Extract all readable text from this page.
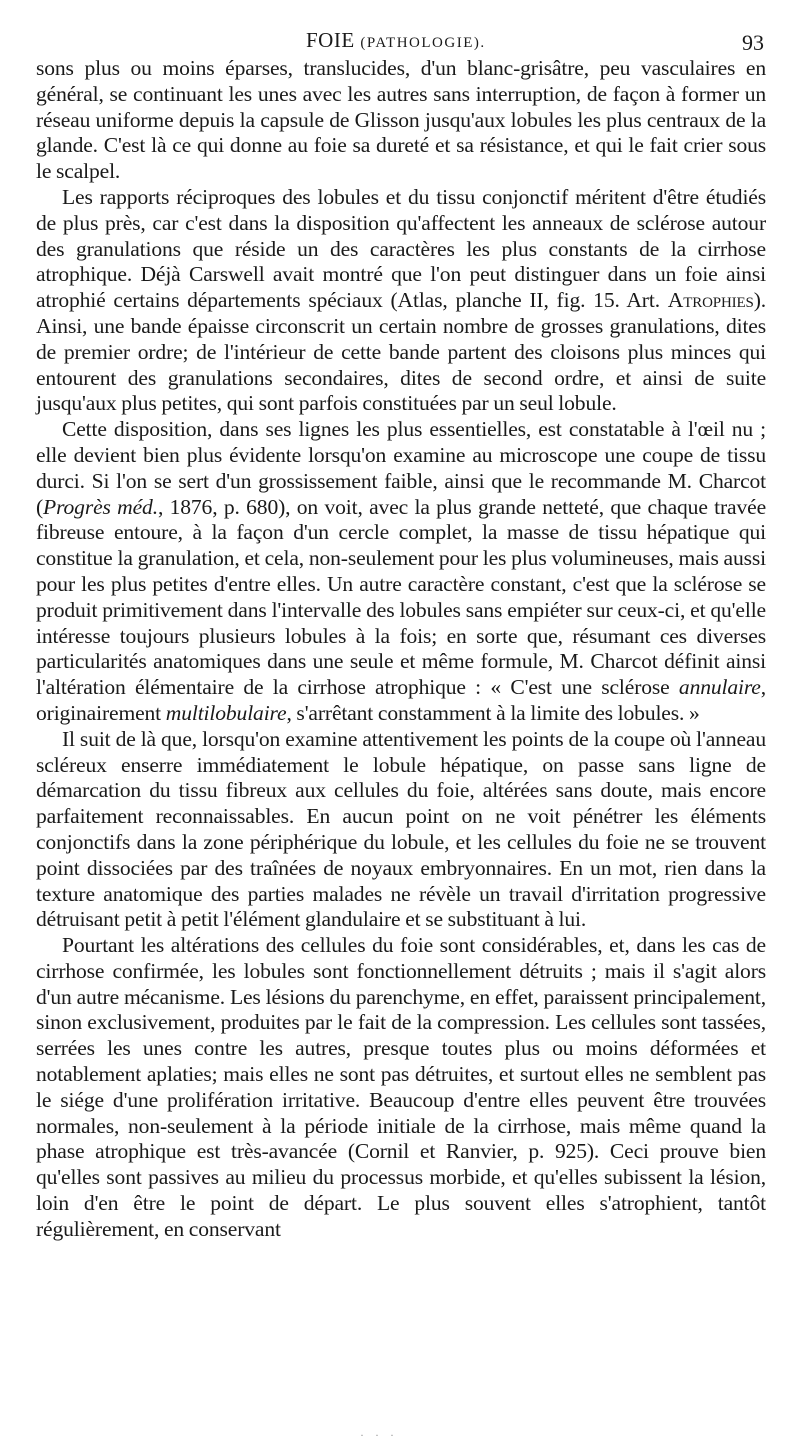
FOIE (PATHOLOGIE).	93

sons plus ou moins éparses, translucides, d'un blanc-grisâtre, peu vasculaires en général, se continuant les unes avec les autres sans interruption, de façon à former un réseau uniforme depuis la capsule de Glisson jusqu'aux lobules les plus centraux de la glande. C'est là ce qui donne au foie sa dureté et sa résistance, et qui le fait crier sous le scalpel.

Les rapports réciproques des lobules et du tissu conjonctif méritent d'être étudiés de plus près, car c'est dans la disposition qu'affectent les anneaux de sclérose autour des granulations que réside un des caractères les plus constants de la cirrhose atrophique. Déjà Carswell avait montré que l'on peut distinguer dans un foie ainsi atrophié certains départements spéciaux (Atlas, planche II, fig. 15. Art. Atrophies). Ainsi, une bande épaisse circonscrit un certain nombre de grosses granulations, dites de premier ordre; de l'intérieur de cette bande partent des cloisons plus minces qui entourent des granulations secondaires, dites de second ordre, et ainsi de suite jusqu'aux plus petites, qui sont parfois constituées par un seul lobule.

Cette disposition, dans ses lignes les plus essentielles, est constatable à l'œil nu ; elle devient bien plus évidente lorsqu'on examine au microscope une coupe de tissu durci. Si l'on se sert d'un grossissement faible, ainsi que le recommande M. Charcot (Progrès méd., 1876, p. 680), on voit, avec la plus grande netteté, que chaque travée fibreuse entoure, à la façon d'un cercle complet, la masse de tissu hépatique qui constitue la granulation, et cela, non-seulement pour les plus volumineuses, mais aussi pour les plus petites d'entre elles. Un autre caractère constant, c'est que la sclérose se produit primitivement dans l'intervalle des lobules sans empiéter sur ceux-ci, et qu'elle intéresse toujours plusieurs lobules à la fois; en sorte que, résumant ces diverses particularités anatomiques dans une seule et même formule, M. Charcot définit ainsi l'altération élémentaire de la cirrhose atrophique : « C'est une sclérose annulaire, originairement multilobulaire, s'arrêtant constamment à la limite des lobules. »

Il suit de là que, lorsqu'on examine attentivement les points de la coupe où l'anneau scléreux enserre immédiatement le lobule hépatique, on passe sans ligne de démarcation du tissu fibreux aux cellules du foie, altérées sans doute, mais encore parfaitement reconnaissables. En aucun point on ne voit pénétrer les éléments conjonctifs dans la zone périphérique du lobule, et les cellules du foie ne se trouvent point dissociées par des traînées de noyaux embryonnaires. En un mot, rien dans la texture anatomique des parties malades ne révèle un travail d'irritation progressive détruisant petit à petit l'élément glandulaire et se substituant à lui.

Pourtant les altérations des cellules du foie sont considérables, et, dans les cas de cirrhose confirmée, les lobules sont fonctionnellement détruits ; mais il s'agit alors d'un autre mécanisme. Les lésions du parenchyme, en effet, paraissent principalement, sinon exclusivement, produites par le fait de la compression. Les cellules sont tassées, serrées les unes contre les autres, presque toutes plus ou moins déformées et notablement aplaties; mais elles ne sont pas détruites, et surtout elles ne semblent pas le siége d'une prolifération irritative. Beaucoup d'entre elles peuvent être trouvées normales, non-seulement à la période initiale de la cirrhose, mais même quand la phase atrophique est très-avancée (Cornil et Ranvier, p. 925). Ceci prouve bien qu'elles sont passives au milieu du processus morbide, et qu'elles subissent la lésion, loin d'en être le point de départ. Le plus souvent elles s'atrophient, tantôt régulièrement, en conservant

· · ·
